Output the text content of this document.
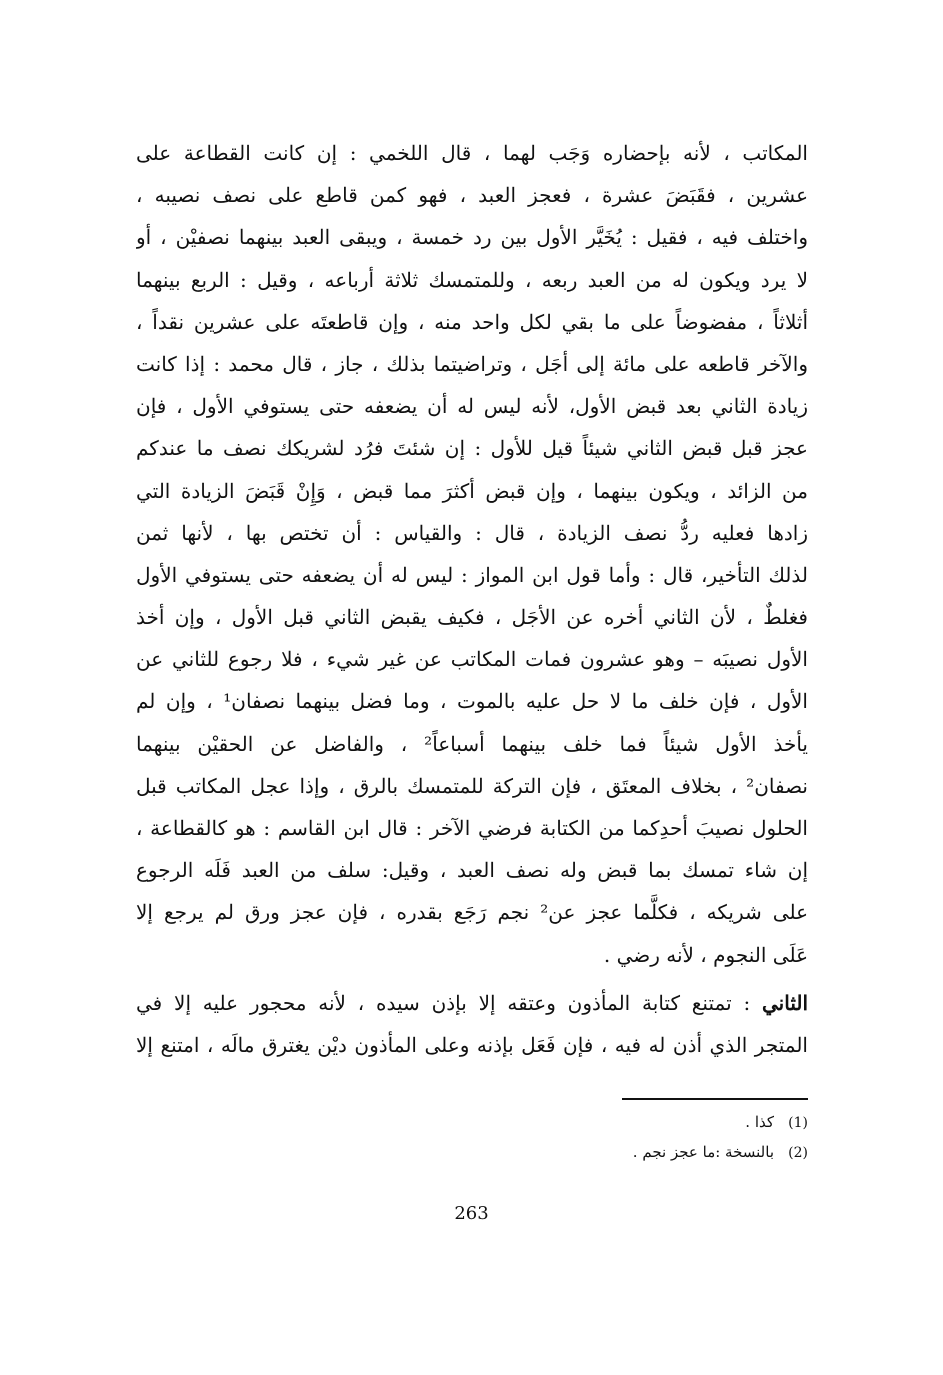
المكاتب ، لأنه بإحضاره وَجَب لهما ، قال اللخمي : إن كانت القطاعة على
عشرين ، فقَبَضَ عشرة ، فعجز العبد ، فهو كمن قاطع على نصف نصيبه ،
واختلف فيه ، فقيل : يُخَيَّر الأول بين رد خمسة ، ويبقى العبد بينهما نصفيْن ، أو
لا يرد ويكون له من العبد ربعه ، وللمتمسك ثلاثة أرباعه ، وقيل : الربع بينهما
أثلاثاً ، مفضوضاً على ما بقي لكل واحد منه ، وإن قاطعتَه على عشرين نقداً ،
والآخر قاطعه على مائة إلى أجَل ، وتراضيتما بذلك ، جاز ، قال محمد : إذا كانت
زيادة الثاني بعد قبض الأول، لأنه ليس له أن يضعفه حتى يستوفي الأول ، فإن
عجز قبل قبض الثاني شيئاً قيل للأول : إن شئتَ فرُد لشريكك نصف ما عندكم
من الزائد ، ويكون بينهما ، وإن قبض أكثرَ مما قبض ، وَإِنْ قَبَضَ الزيادة التي
زادها فعليه ردُّ نصف الزيادة ، قال : والقياس : أن تختص بها ، لأنها ثمن
لذلك التأخير، قال : وأما قول ابن المواز : ليس له أن يضعفه حتى يستوفي الأول
فغلطٌ ، لأن الثاني أخره عن الأجَل ، فكيف يقبض الثاني قبل الأول ، وإن أخذ
الأول نصيبَه – وهو عشرون فمات المكاتب عن غير شيء ، فلا رجوع للثاني عن
الأول ، فإن خلف ما لا حل عليه بالموت ، وما فضل بينهما نصفان¹ ، وإن لم
يأخذ الأول شيئاً فما خلف بينهما أسباعاً² ، والفاضل عن الحقيْن بينهما
نصفان² ، بخلاف المعتَق ، فإن التركة للمتمسك بالرق ، وإذا عجل المكاتب قبل
الحلول نصيبَ أحدِكما من الكتابة فرضي الآخر : قال ابن القاسم : هو كالقطاعة ،
إن شاء تمسك بما قبض وله نصف العبد ، وقيل: سلف من العبد فَلَه الرجوع
على شريكه ، فكلَّما عجز عن² نجم رَجَع بقدره ، فإن عجز ورق لم يرجع إلا
عَلَى النجوم ، لأنه رضي .
الثاني : تمتنع كتابة المأذون وعتقه إلا بإذن سيده ، لأنه محجور عليه إلا في
المتجر الذي أذن له فيه ، فإن فَعَل بإذنه وعلى المأذون ديْن يغترق مالَه ، امتنع إلا
(1)كذا .
(2)بالنسخة :ما عجز نجم .
263
